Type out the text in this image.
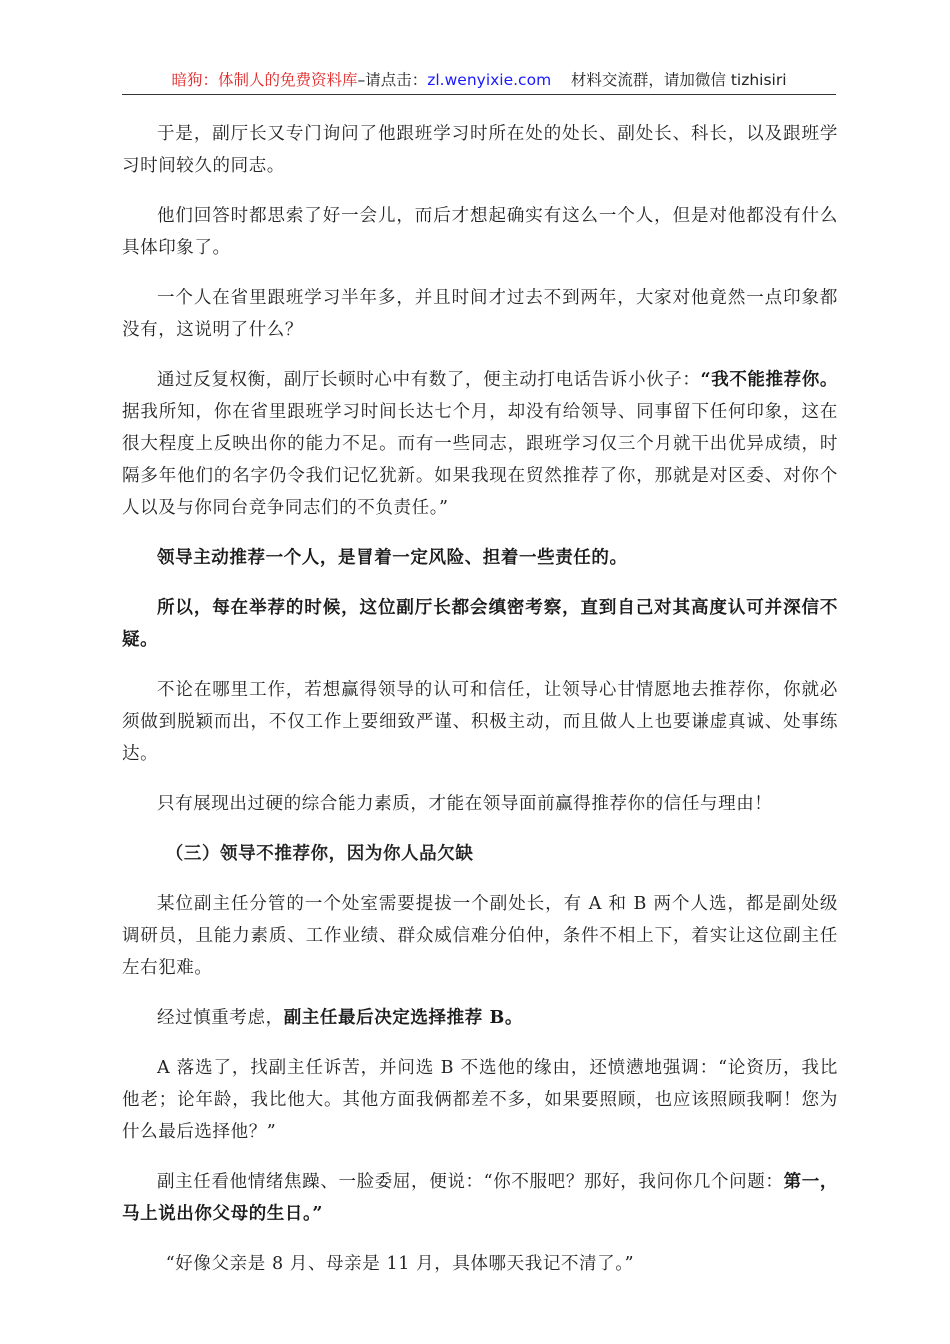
暗狗：体制人的免费资料库–请点击：zl.wenyixie.com 材料交流群，请加微信 tizhisiri

于是，副厅长又专门询问了他跟班学习时所在处的处长、副处长、科长，以及跟班学习时间较久的同志。

他们回答时都思索了好一会儿，而后才想起确实有这么一个人，但是对他都没有什么具体印象了。

一个人在省里跟班学习半年多，并且时间才过去不到两年，大家对他竟然一点印象都没有，这说明了什么？

通过反复权衡，副厅长顿时心中有数了，便主动打电话告诉小伙子：“我不能推荐你。据我所知，你在省里跟班学习时间长达七个月，却没有给领导、同事留下任何印象，这在很大程度上反映出你的能力不足。而有一些同志，跟班学习仅三个月就干出优异成绩，时隔多年他们的名字仍令我们记忆犹新。如果我现在贸然推荐了你，那就是对区委、对你个人以及与你同台竞争同志们的不负责任。”

领导主动推荐一个人，是冒着一定风险、担着一些责任的。

所以，每在举荐的时候，这位副厅长都会缜密考察，直到自己对其高度认可并深信不疑。

不论在哪里工作，若想赢得领导的认可和信任，让领导心甘情愿地去推荐你，你就必须做到脱颖而出，不仅工作上要细致严谨、积极主动，而且做人上也要谦虚真诚、处事练达。

只有展现出过硬的综合能力素质，才能在领导面前赢得推荐你的信任与理由！

（三）领导不推荐你，因为你人品欠缺

某位副主任分管的一个处室需要提拔一个副处长，有 A 和 B 两个人选，都是副处级调研员，且能力素质、工作业绩、群众威信难分伯仲，条件不相上下，着实让这位副主任左右犯难。

经过慎重考虑，副主任最后决定选择推荐 B。

A 落选了，找副主任诉苦，并问选 B 不选他的缘由，还愤懑地强调：“论资历，我比他老；论年龄，我比他大。其他方面我俩都差不多，如果要照顾，也应该照顾我啊！您为什么最后选择他？”

副主任看他情绪焦躁、一脸委屈，便说：“你不服吧？那好，我问你几个问题：第一，马上说出你父母的生日。”

“好像父亲是 8 月、母亲是 11 月，具体哪天我记不清了。”
